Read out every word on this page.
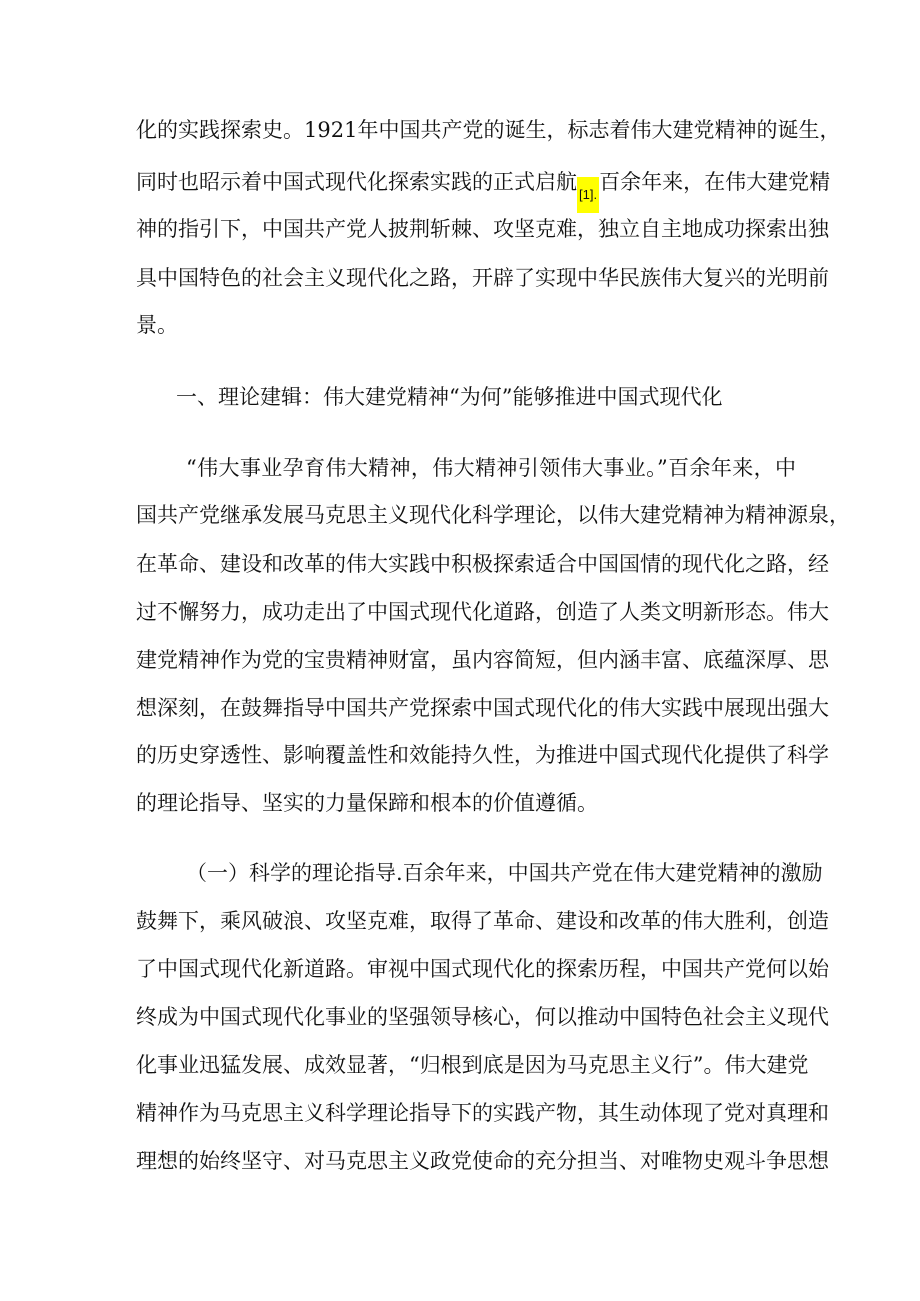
化的实践探索史。1921年中国共产党的诞生，标志着伟大建党精神的诞生，
同时也昭示着中国式现代化探索实践的正式启航[1].百余年来，在伟大建党精
神的指引下，中国共产党人披荆斩棘、攻坚克难，独立自主地成功探索出独
具中国特色的社会主义现代化之路，开辟了实现中华民族伟大复兴的光明前
景。
一、理论建辑：伟大建党精神“为何”能够推进中国式现代化
“伟大事业孕育伟大精神，伟大精神引领伟大事业。”百余年来，中
国共产党继承发展马克思主义现代化科学理论，以伟大建党精神为精神源泉，
在革命、建设和改革的伟大实践中积极探索适合中国国情的现代化之路，经
过不懈努力，成功走出了中国式现代化道路，创造了人类文明新形态。伟大
建党精神作为党的宝贵精神财富，虽内容简短，但内涵丰富、底蕴深厚、思
想深刻，在鼓舞指导中国共产党探索中国式现代化的伟大实践中展现出强大
的历史穿透性、影响覆盖性和效能持久性，为推进中国式现代化提供了科学
的理论指导、坚实的力量保蹄和根本的价值遵循。
（一）科学的理论指导.百余年来，中国共产党在伟大建党精神的激励
鼓舞下，乘风破浪、攻坚克难，取得了革命、建设和改革的伟大胜利，创造
了中国式现代化新道路。审视中国式现代化的探索历程，中国共产党何以始
终成为中国式现代化事业的坚强领导核心，何以推动中国特色社会主义现代
化事业迅猛发展、成效显著，“归根到底是因为马克思主义行”。伟大建党
精神作为马克思主义科学理论指导下的实践产物，其生动体现了党对真理和
理想的始终坚守、对马克思主义政党使命的充分担当、对唯物史观斗争思想
